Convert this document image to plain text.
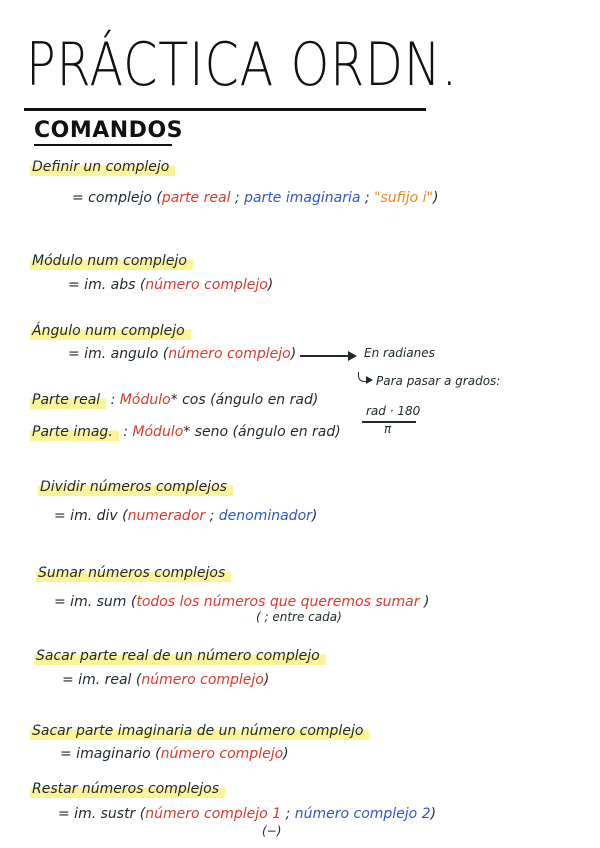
PRÁCTICA ORDN.
COMANDOS
Definir un complejo
= complejo (parte real ; parte imaginaria ; "sufijo i")
Módulo num complejo
= im. abs (número complejo)
Ángulo num complejo
= im. angulo (número complejo)	En radianes
Para pasar a grados:
rad · 180
π
Parte real : Módulo* cos (ángulo en rad)
Parte imag. : Módulo* seno (ángulo en rad)
Dividir números complejos
= im. div (numerador ; denominador)
Sumar números complejos
= im. sum (todos los números que queremos sumar )
( ; entre cada)
Sacar parte real de un número complejo
= im. real (número complejo)
Sacar parte imaginaria de un número complejo
= imaginario (número complejo)
Restar números complejos
= im. sustr (número complejo 1 ; número complejo 2)
(−)
